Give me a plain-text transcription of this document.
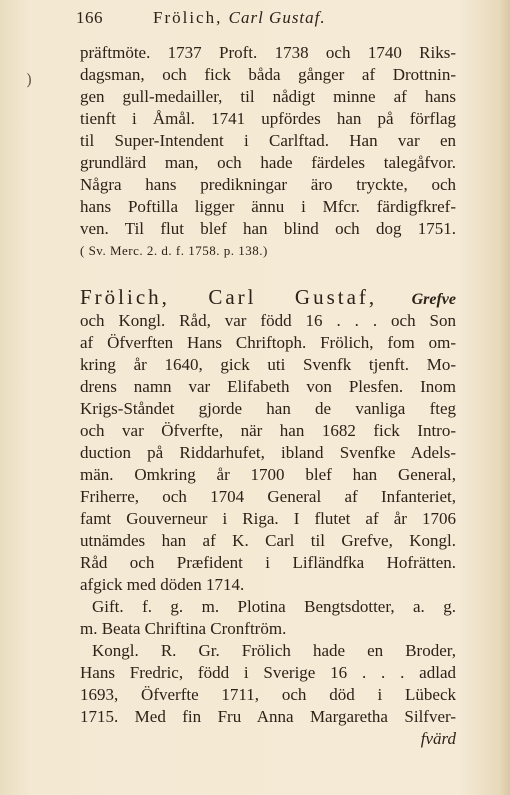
)
166	Frölich, Carl Gustaf.
präftmöte. 1737 Proft. 1738 och 1740 Riks-
dagsman, och fick båda gånger af Drottnin-
gen gull-medailler, til nådigt minne af hans
tienft i Åmål. 1741 upfördes han på förflag
til Super-Intendent i Carlftad. Han var en
grundlärd man, och hade färdeles talegåfvor.
Några hans predikningar äro tryckte, och
hans Poftilla ligger ännu i Mfcr. färdigfkref-
ven. Til flut blef han blind och dog 1751.
( Sv. Merc. 2. d. f. 1758. p. 138.)
Frölich, Carl Gustaf, Grefve
och Kongl. Råd, var född 16 . . . och Son
af Öfverften Hans Chriftoph. Frölich, fom om-
kring år 1640, gick uti Svenfk tjenft. Mo-
drens namn var Elifabeth von Plesfen. Inom
Krigs-Ståndet gjorde han de vanliga fteg
och var Öfverfte, när han 1682 fick Intro-
duction på Riddarhufet, ibland Svenfke Adels-
män. Omkring år 1700 blef han General,
Friherre, och 1704 General af Infanteriet,
famt Gouverneur i Riga. I flutet af år 1706
utnämdes han af K. Carl til Grefve, Kongl.
Råd och Præfident i Lifländfka Hofrätten.
afgick med döden 1714.
Gift. f. g. m. Plotina Bengtsdotter, a. g.
m. Beata Chriftina Cronftröm.
Kongl. R. Gr. Frölich hade en Broder,
Hans Fredric, född i Sverige 16 . . . adlad
1693, Öfverfte 1711, och död i Lübeck
1715. Med fin Fru Anna Margaretha Silfver-
fvärd
